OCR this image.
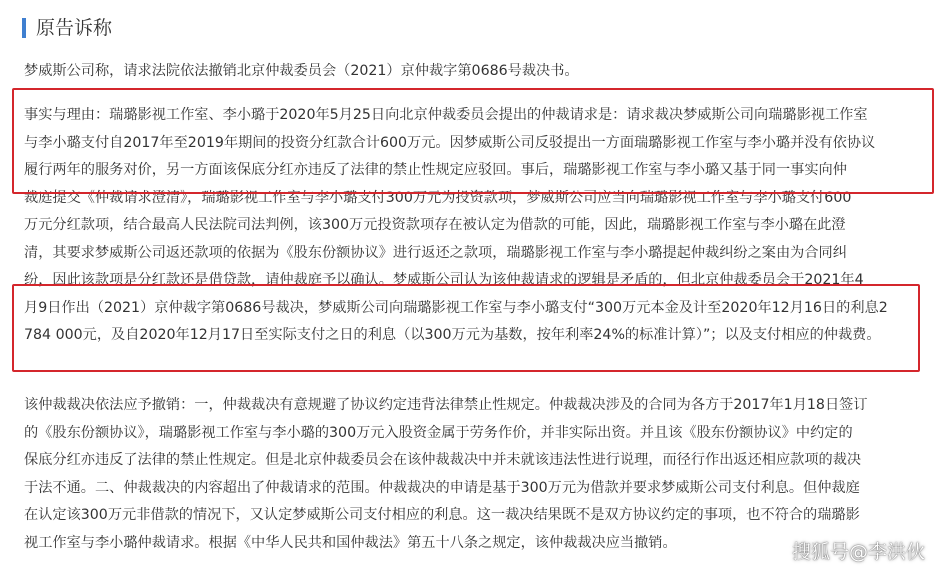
原告诉称

梦威斯公司称，请求法院依法撤销北京仲裁委员会（2021）京仲裁字第0686号裁决书。

事实与理由：瑞璐影视工作室、李小璐于2020年5月25日向北京仲裁委员会提出的仲裁请求是：请求裁决梦威斯公司向瑞璐影视工作室
与李小璐支付自2017年至2019年期间的投资分红款合计600万元。因梦威斯公司反驳提出一方面瑞璐影视工作室与李小璐并没有依协议
履行两年的服务对价，另一方面该保底分红亦违反了法律的禁止性规定应驳回。事后，瑞璐影视工作室与李小璐又基于同一事实向仲
裁庭提交《仲裁请求澄清》，瑞璐影视工作室与李小璐支付300万元为投资款项，梦威斯公司应当向瑞璐影视工作室与李小璐支付600
万元分红款项，结合最高人民法院司法判例，该300万元投资款项存在被认定为借款的可能，因此，瑞璐影视工作室与李小璐在此澄
清，其要求梦威斯公司返还款项的依据为《股东份额协议》进行返还之款项，瑞璐影视工作室与李小璐提起仲裁纠纷之案由为合同纠
纷，因此该款项是分红款还是借贷款，请仲裁庭予以确认。梦威斯公司认为该仲裁请求的逻辑是矛盾的，但北京仲裁委员会于2021年4
月9日作出（2021）京仲裁字第0686号裁决，梦威斯公司向瑞璐影视工作室与李小璐支付“300万元本金及计至2020年12月16日的利息2
784 000元，及自2020年12月17日至实际支付之日的利息（以300万元为基数，按年利率24%的标准计算）”；以及支付相应的仲裁费。

该仲裁裁决依法应予撤销：一，仲裁裁决有意规避了协议约定违背法律禁止性规定。仲裁裁决涉及的合同为各方于2017年1月18日签订
的《股东份额协议》，瑞璐影视工作室与李小璐的300万元入股资金属于劳务作价，并非实际出资。并且该《股东份额协议》中约定的
保底分红亦违反了法律的禁止性规定。但是北京仲裁委员会在该仲裁裁决中并未就该违法性进行说理，而径行作出返还相应款项的裁决
于法不通。二、仲裁裁决的内容超出了仲裁请求的范围。仲裁裁决的申请是基于300万元为借款并要求梦威斯公司支付利息。但仲裁庭
在认定该300万元非借款的情况下，又认定梦威斯公司支付相应的利息。这一裁决结果既不是双方协议约定的事项，也不符合的瑞璐影
视工作室与李小璐仲裁请求。根据《中华人民共和国仲裁法》第五十八条之规定，该仲裁裁决应当撤销。	搜狐号@李洪伙
